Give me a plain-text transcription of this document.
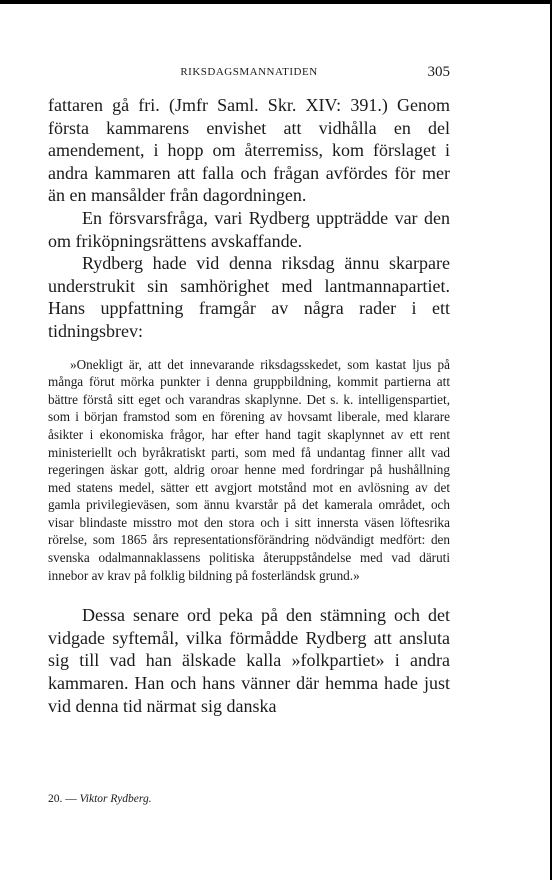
RIKSDAGSMANNATIDEN	305

fattaren gå fri. (Jmfr Saml. Skr. XIV: 391.) Genom första kammarens envishet att vidhålla en del amendement, i hopp om återremiss, kom förslaget i andra kammaren att falla och frågan avfördes för mer än en mansålder från dagordningen.

En försvarsfråga, vari Rydberg uppträdde var den om friköpningsrättens avskaffande.

Rydberg hade vid denna riksdag ännu skarpare understrukit sin samhörighet med lantmannapartiet. Hans uppfattning framgår av några rader i ett tidningsbrev:

»Onekligt är, att det innevarande riksdagsskedet, som kastat ljus på många förut mörka punkter i denna gruppbildning, kommit partierna att bättre förstå sitt eget och varandras skaplynne. Det s. k. intelligenspartiet, som i början framstod som en förening av hovsamt liberale, med klarare åsikter i ekonomiska frågor, har efter hand tagit skaplynnet av ett rent ministeriellt och byråkratiskt parti, som med få undantag finner allt vad regeringen äskar gott, aldrig oroar henne med fordringar på hushållning med statens medel, sätter ett avgjort motstånd mot en avlösning av det gamla privilegieväsen, som ännu kvarstår på det kamerala området, och visar blindaste misstro mot den stora och i sitt innersta väsen löftesrika rörelse, som 1865 års representationsförändring nödvändigt medfört: den svenska odalmannaklassens politiska återuppståndelse med vad däruti innebor av krav på folklig bildning på fosterländsk grund.»

Dessa senare ord peka på den stämning och det vidgade syftemål, vilka förmådde Rydberg att ansluta sig till vad han älskade kalla »folkpartiet» i andra kammaren. Han och hans vänner där hemma hade just vid denna tid närmat sig danska

20. — Viktor Rydberg.
